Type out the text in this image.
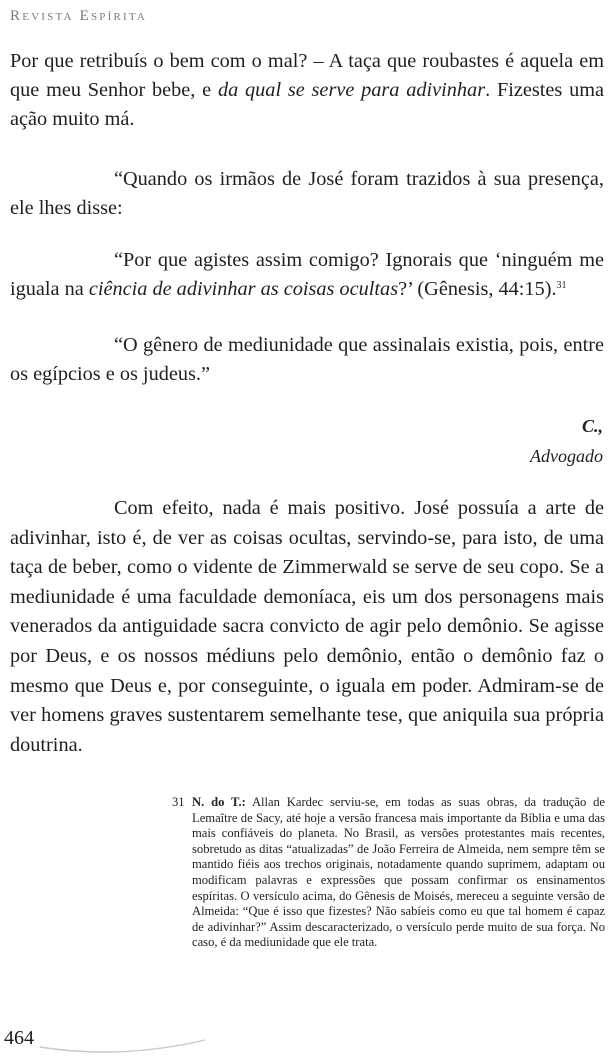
Revista Espírita

Por que retribuís o bem com o mal? – A taça que roubastes é aquela em que meu Senhor bebe, e da qual se serve para adivinhar. Fizestes uma ação muito má.

“Quando os irmãos de José foram trazidos à sua presença, ele lhes disse:

“Por que agistes assim comigo? Ignorais que ‘ninguém me iguala na ciência de adivinhar as coisas ocultas?’ (Gênesis, 44:15).$^{31}$

“O gênero de mediunidade que assinalais existia, pois, entre os egípcios e os judeus.”

C.,
Advogado

Com efeito, nada é mais positivo. José possuía a arte de adivinhar, isto é, de ver as coisas ocultas, servindo-se, para isto, de uma taça de beber, como o vidente de Zimmerwald se serve de seu copo. Se a mediunidade é uma faculdade demoníaca, eis um dos personagens mais venerados da antiguidade sacra convicto de agir pelo demônio. Se agisse por Deus, e os nossos médiuns pelo demônio, então o demônio faz o mesmo que Deus e, por conseguinte, o iguala em poder. Admiram-se de ver homens graves sustentarem semelhante tese, que aniquila sua própria doutrina.

31 N. do T.: Allan Kardec serviu-se, em todas as suas obras, da tradução de Lemaître de Sacy, até hoje a versão francesa mais importante da Bíblia e uma das mais confiáveis do planeta. No Brasil, as versões protestantes mais recentes, sobretudo as ditas “atualizadas” de João Ferreira de Almeida, nem sempre têm se mantido fiéis aos trechos originais, notadamente quando suprimem, adaptam ou modificam palavras e expressões que possam confirmar os ensinamentos espíritas. O versículo acima, do Gênesis de Moisés, mereceu a seguinte versão de Almeida: “Que é isso que fizestes? Não sabíeis como eu que tal homem é capaz de adivinhar?” Assim descaracterizado, o versículo perde muito de sua força. No caso, é da mediunidade que ele trata.
464
